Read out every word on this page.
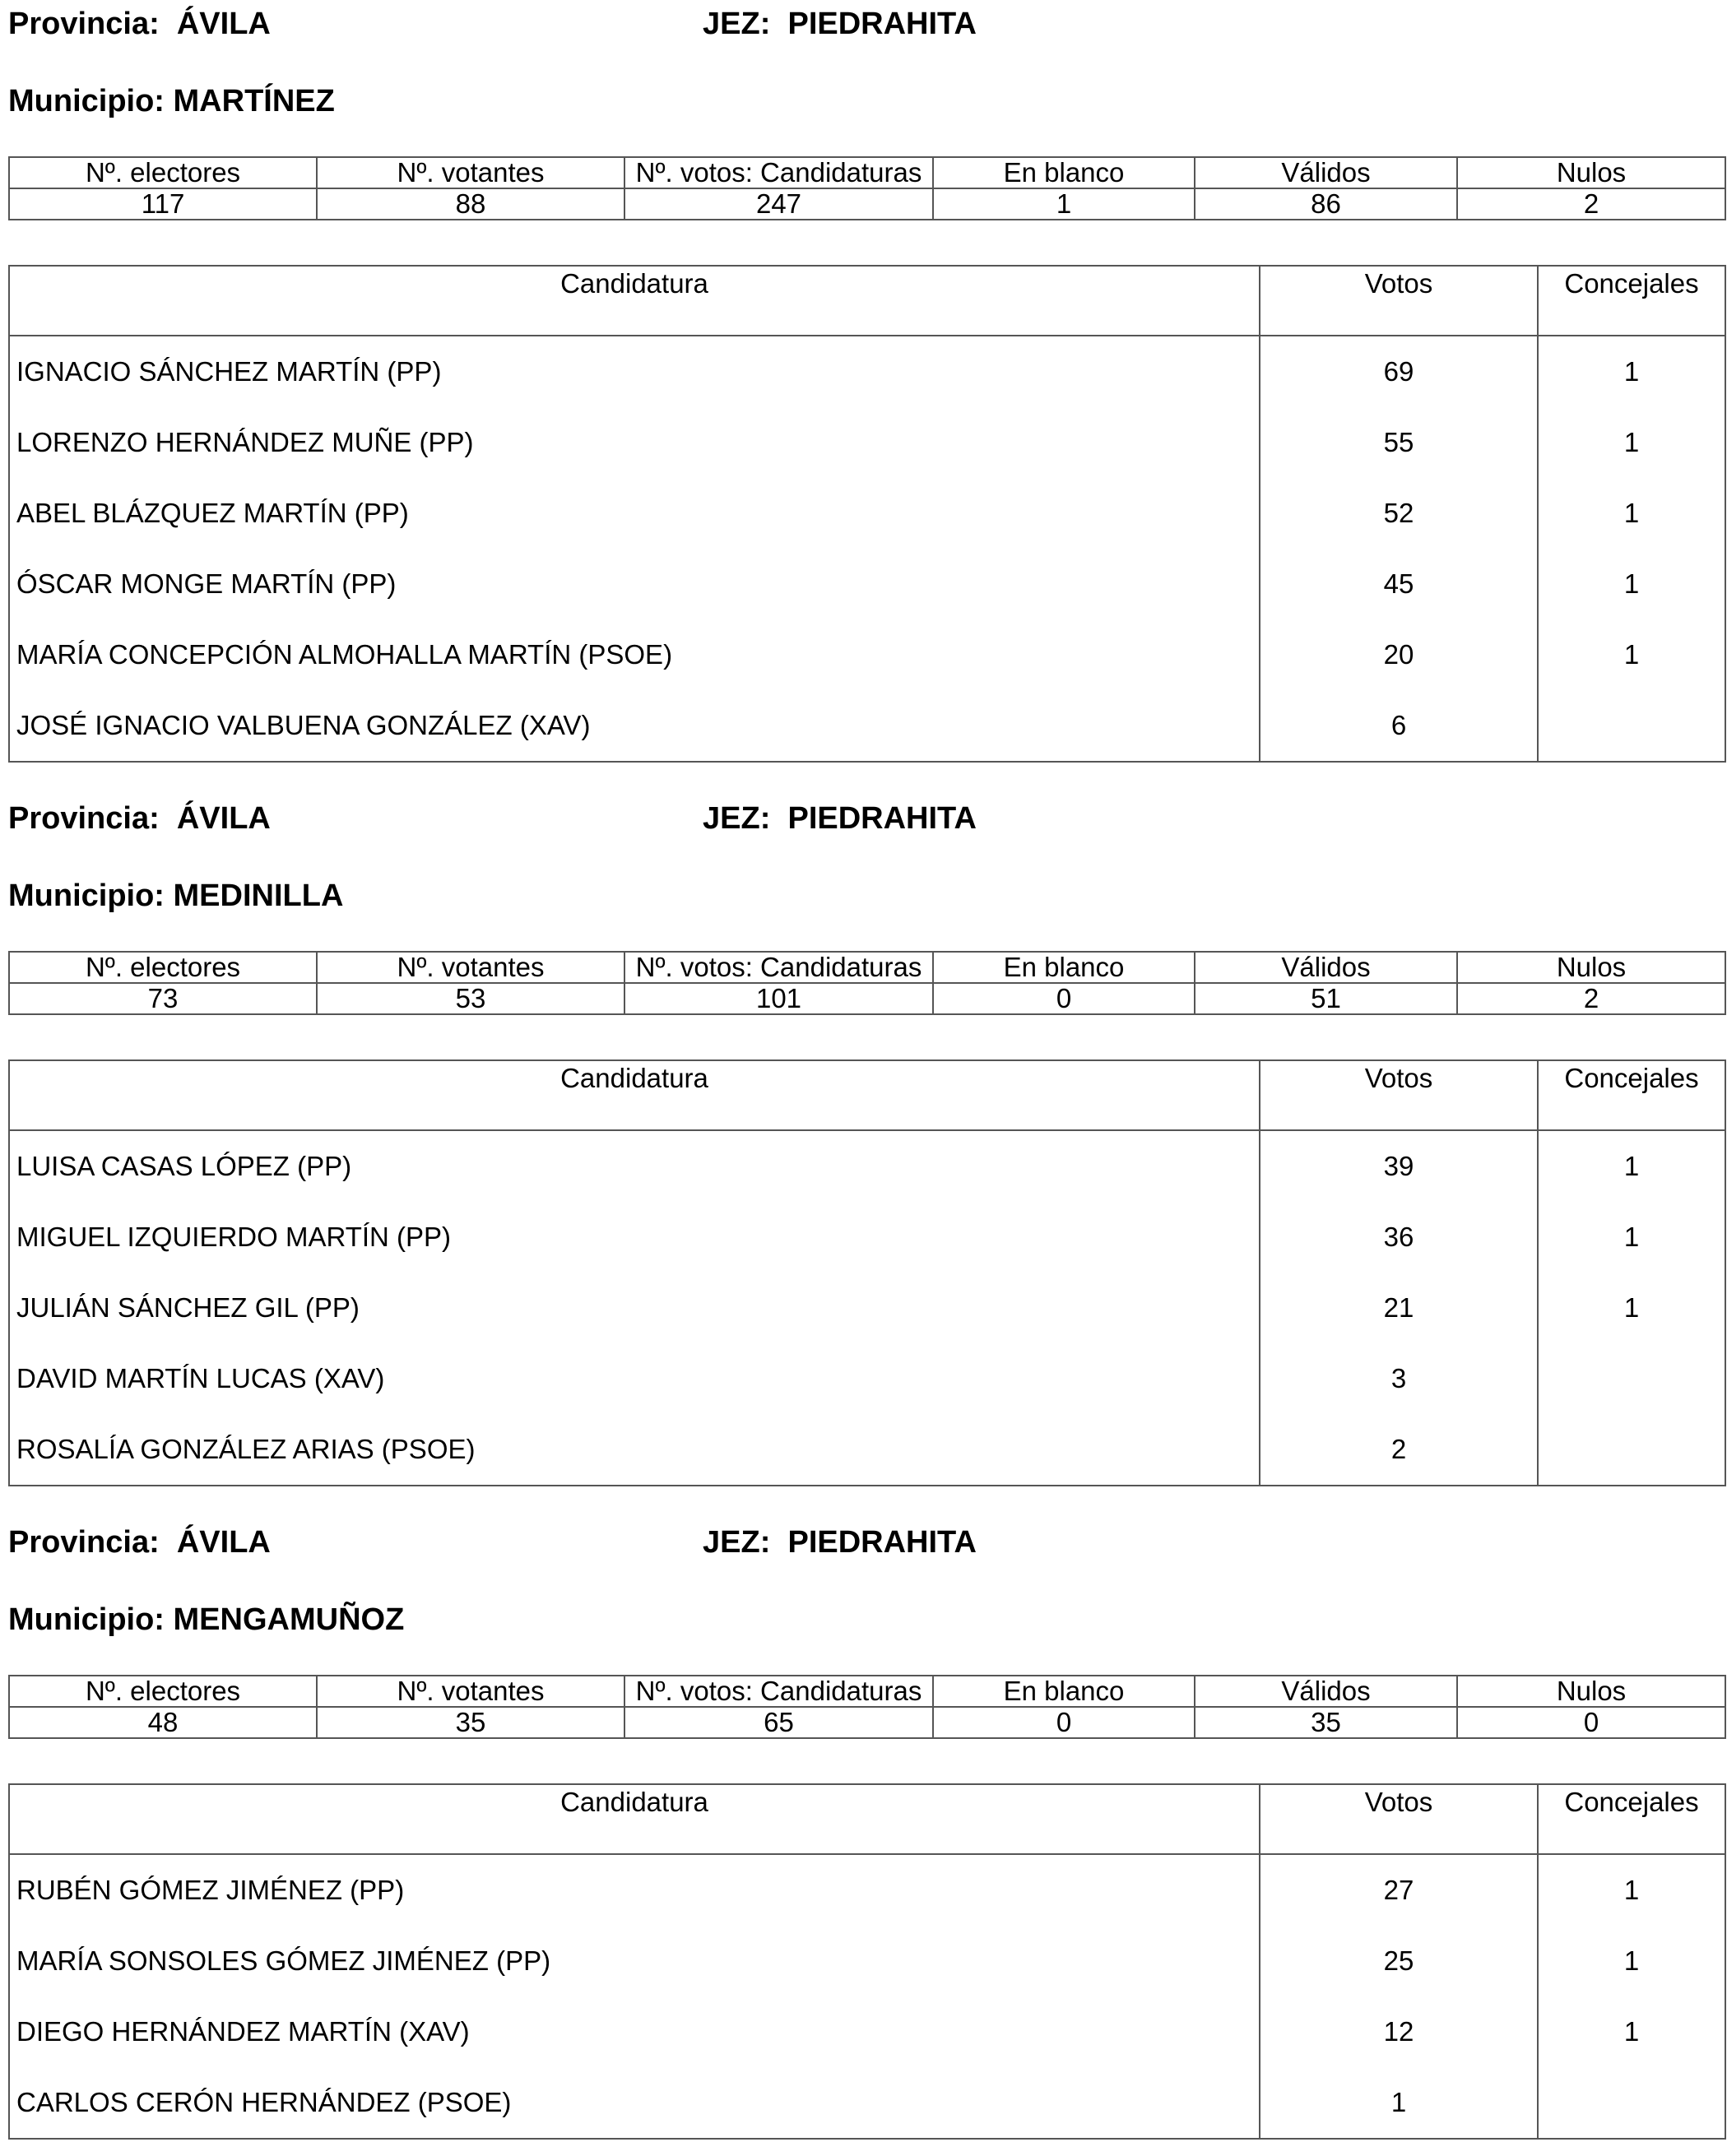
Provincia: ÁVILA	JEZ: PIEDRAHITA
Municipio: MARTÍNEZ
Nº. electores	Nº. votantes	Nº. votos: Candidaturas	En blanco	Válidos	Nulos
117	88	247	1	86	2
Candidatura	Votos	Concejales
IGNACIO SÁNCHEZ MARTÍN (PP)	69	1
LORENZO HERNÁNDEZ MUÑE (PP)	55	1
ABEL BLÁZQUEZ MARTÍN (PP)	52	1
ÓSCAR MONGE MARTÍN (PP)	45	1
MARÍA CONCEPCIÓN ALMOHALLA MARTÍN (PSOE)	20	1
JOSÉ IGNACIO VALBUENA GONZÁLEZ (XAV)	6	
Provincia: ÁVILA	JEZ: PIEDRAHITA
Municipio: MEDINILLA
Nº. electores	Nº. votantes	Nº. votos: Candidaturas	En blanco	Válidos	Nulos
73	53	101	0	51	2
Candidatura	Votos	Concejales
LUISA CASAS LÓPEZ (PP)	39	1
MIGUEL IZQUIERDO MARTÍN (PP)	36	1
JULIÁN SÁNCHEZ GIL (PP)	21	1
DAVID MARTÍN LUCAS (XAV)	3	
ROSALÍA GONZÁLEZ ARIAS (PSOE)	2	
Provincia: ÁVILA	JEZ: PIEDRAHITA
Municipio: MENGAMUÑOZ
Nº. electores	Nº. votantes	Nº. votos: Candidaturas	En blanco	Válidos	Nulos
48	35	65	0	35	0
Candidatura	Votos	Concejales
RUBÉN GÓMEZ JIMÉNEZ (PP)	27	1
MARÍA SONSOLES GÓMEZ JIMÉNEZ (PP)	25	1
DIEGO HERNÁNDEZ MARTÍN (XAV)	12	1
CARLOS CERÓN HERNÁNDEZ (PSOE)	1	
